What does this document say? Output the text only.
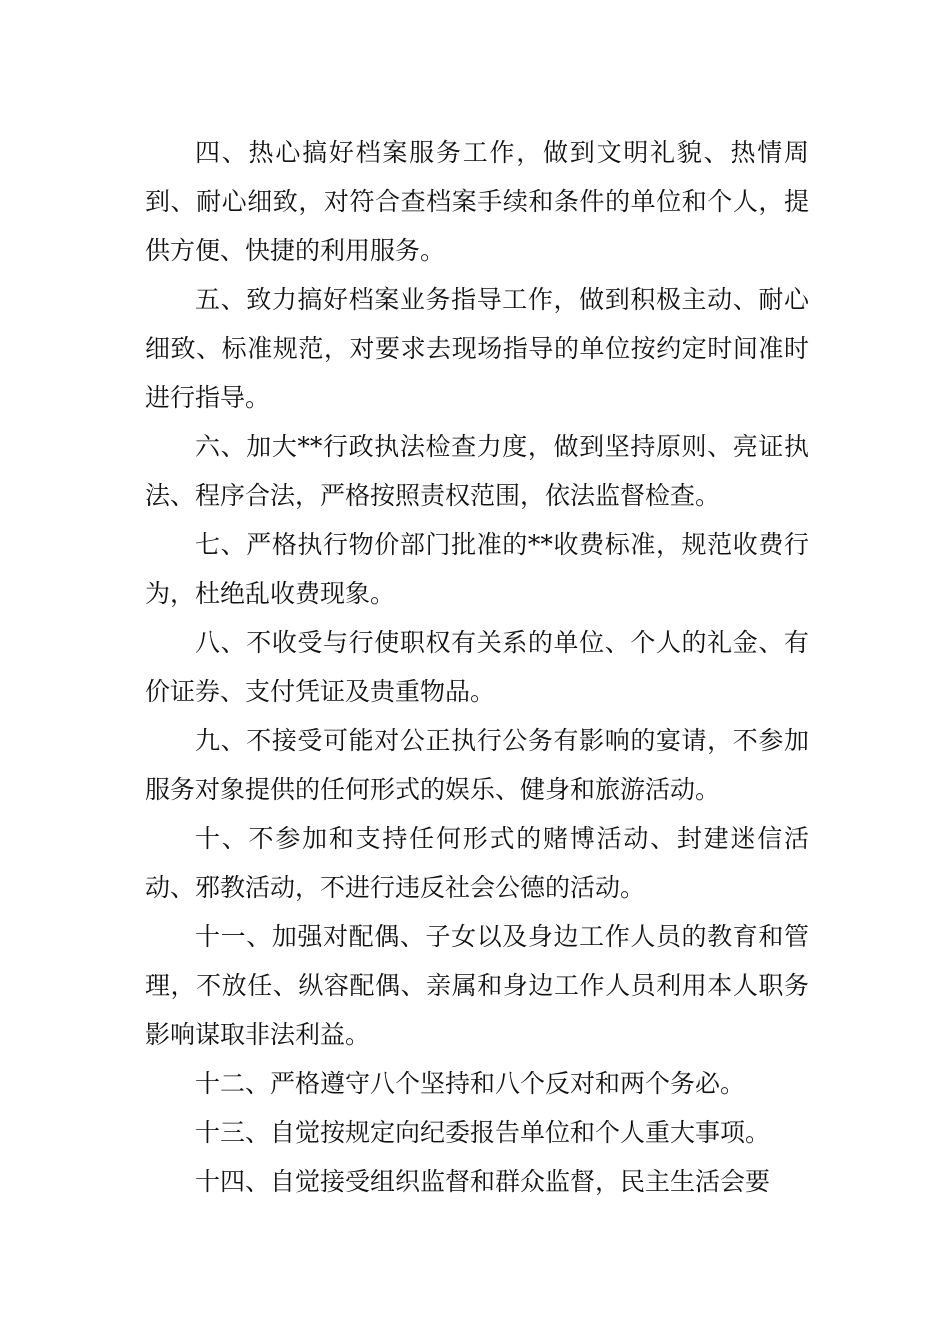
四、热心搞好档案服务工作，做到文明礼貌、热情周到、耐心细致，对符合查档案手续和条件的单位和个人，提供方便、快捷的利用服务。

五、致力搞好档案业务指导工作，做到积极主动、耐心细致、标准规范，对要求去现场指导的单位按约定时间准时进行指导。

六、加大**行政执法检查力度，做到坚持原则、亮证执法、程序合法，严格按照责权范围，依法监督检查。

七、严格执行物价部门批准的**收费标准，规范收费行为，杜绝乱收费现象。

八、不收受与行使职权有关系的单位、个人的礼金、有价证券、支付凭证及贵重物品。

九、不接受可能对公正执行公务有影响的宴请，不参加服务对象提供的任何形式的娱乐、健身和旅游活动。

十、不参加和支持任何形式的赌博活动、封建迷信活动、邪教活动，不进行违反社会公德的活动。

十一、加强对配偶、子女以及身边工作人员的教育和管理，不放任、纵容配偶、亲属和身边工作人员利用本人职务影响谋取非法利益。

十二、严格遵守八个坚持和八个反对和两个务必。

十三、自觉按规定向纪委报告单位和个人重大事项。

十四、自觉接受组织监督和群众监督，民主生活会要
